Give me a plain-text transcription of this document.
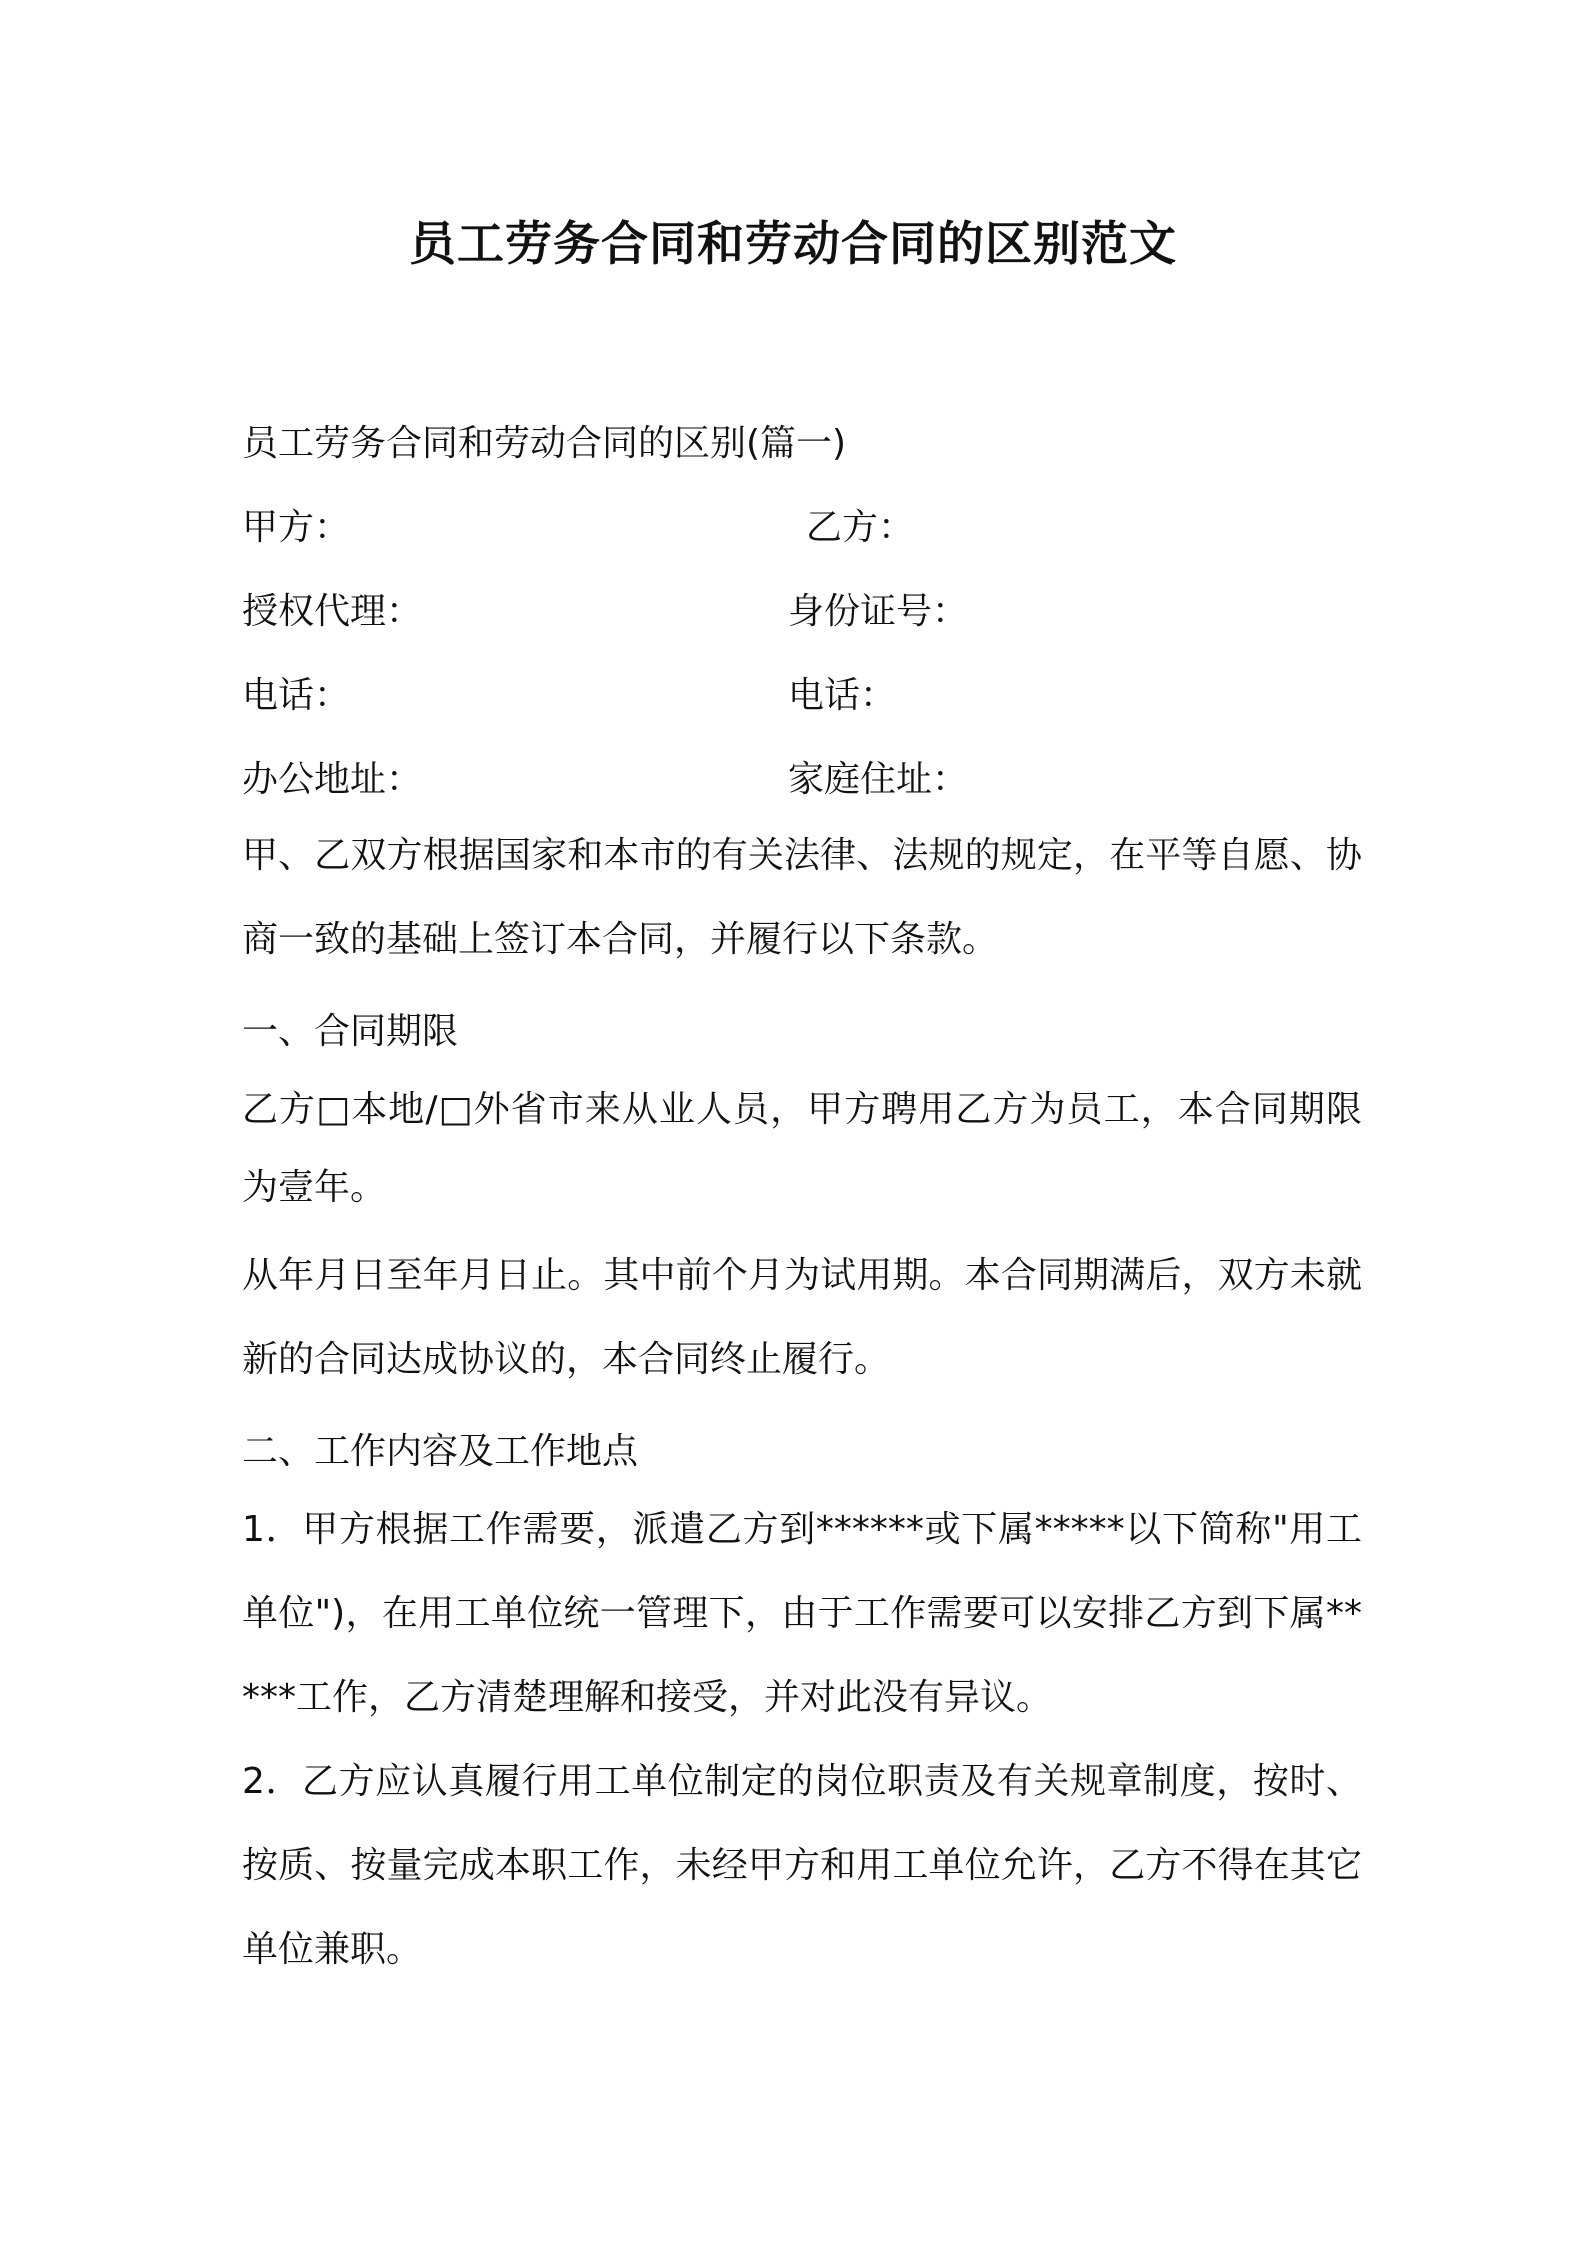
员工劳务合同和劳动合同的区别范文
员工劳务合同和劳动合同的区别(篇一)
甲方：	乙方：
授权代理：	身份证号：
电话：	电话：
办公地址：	家庭住址：
甲、乙双方根据国家和本市的有关法律、法规的规定，在平等自愿、协商一致的基础上签订本合同，并履行以下条款。
一、合同期限
乙方□本地/□外省市来从业人员，甲方聘用乙方为员工，本合同期限为壹年。
从年月日至年月日止。其中前个月为试用期。本合同期满后，双方未就新的合同达成协议的，本合同终止履行。
二、工作内容及工作地点
1．甲方根据工作需要，派遣乙方到******或下属*****以下简称"用工单位")，在用工单位统一管理下，由于工作需要可以安排乙方到下属*****工作，乙方清楚理解和接受，并对此没有异议。
2．乙方应认真履行用工单位制定的岗位职责及有关规章制度，按时、按质、按量完成本职工作，未经甲方和用工单位允许，乙方不得在其它单位兼职。
